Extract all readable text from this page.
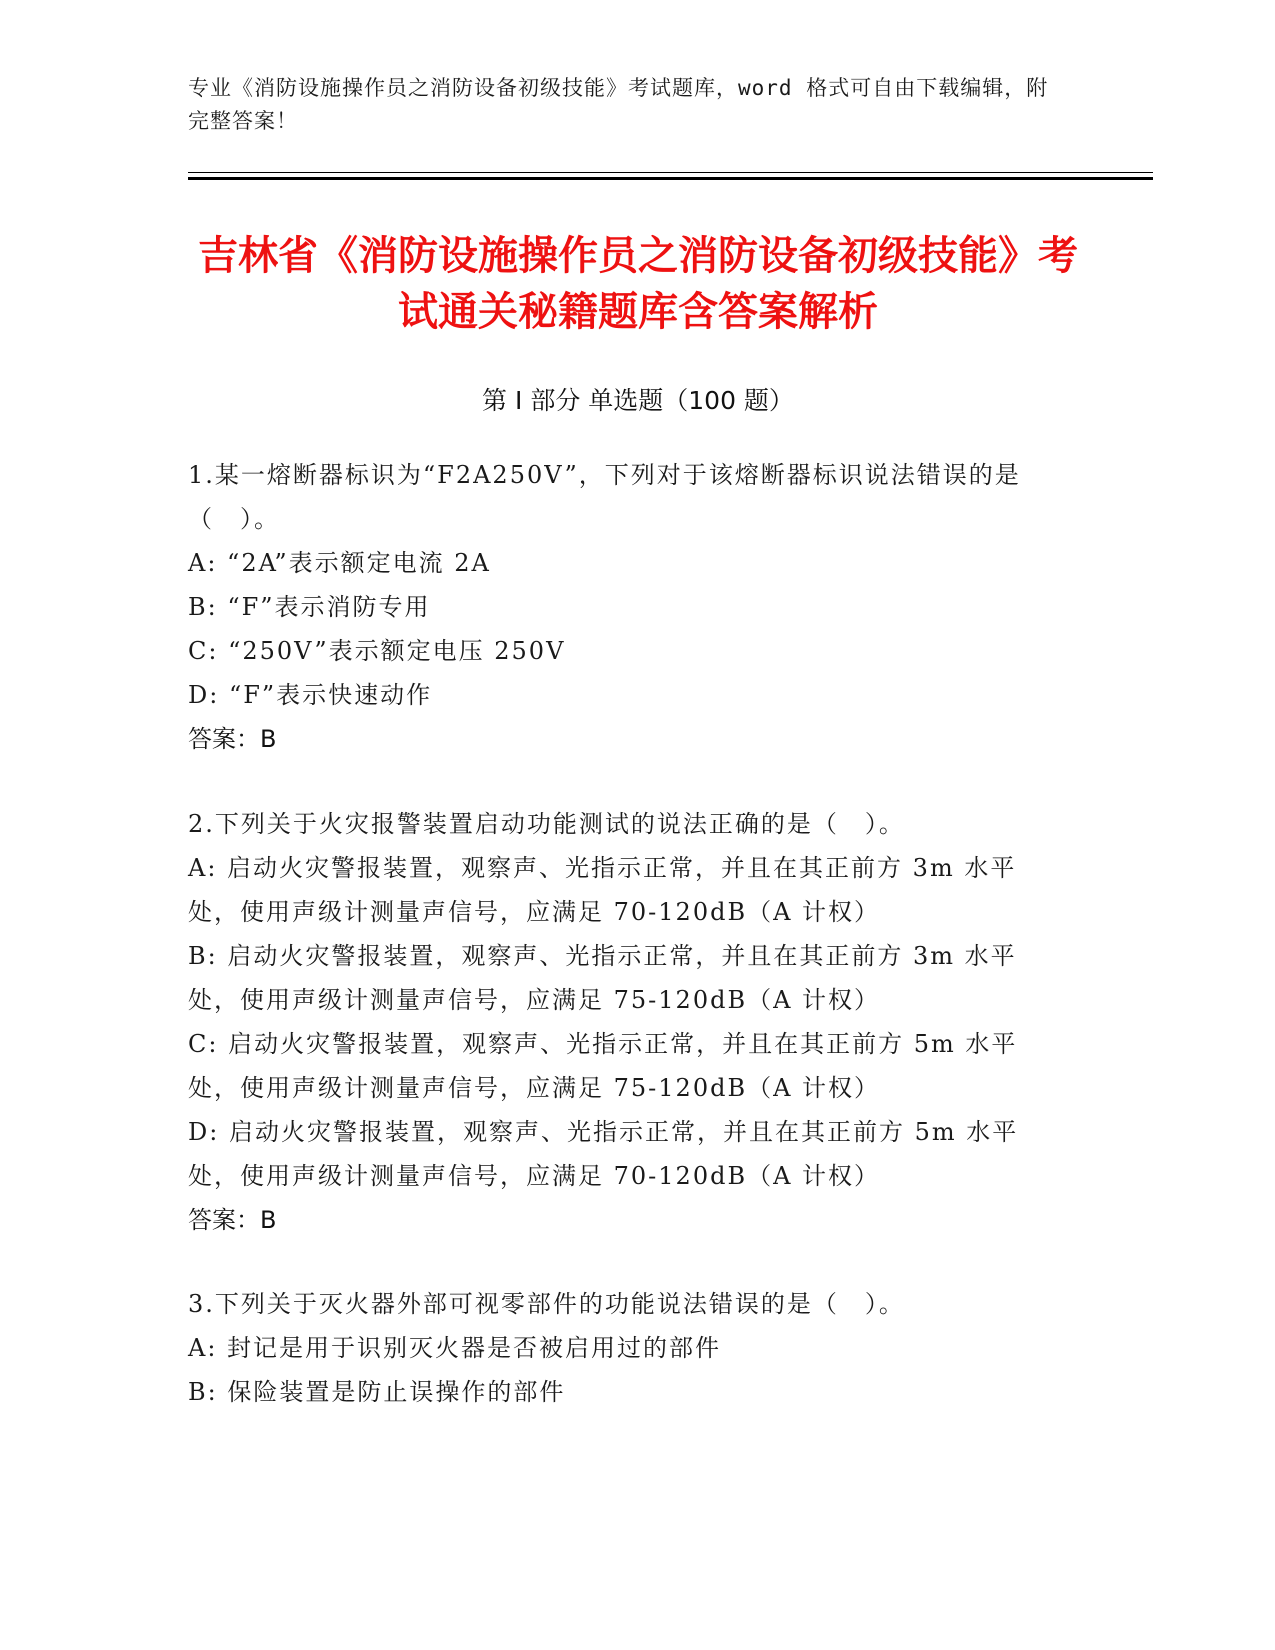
专业《消防设施操作员之消防设备初级技能》考试题库，word 格式可自由下载编辑，附完整答案！
吉林省《消防设施操作员之消防设备初级技能》考试通关秘籍题库含答案解析
第 I 部分 单选题（100 题）

1.某一熔断器标识为“F2A250V”，下列对于该熔断器标识说法错误的是（　）。

A: “2A”表示额定电流 2A

B: “F”表示消防专用

C: “250V”表示额定电压 250V

D: “F”表示快速动作

答案：B

2.下列关于火灾报警装置启动功能测试的说法正确的是（　）。

A: 启动火灾警报装置，观察声、光指示正常，并且在其正前方 3m 水平处，使用声级计测量声信号，应满足 70-120dB（A 计权）

B: 启动火灾警报装置，观察声、光指示正常，并且在其正前方 3m 水平处，使用声级计测量声信号，应满足 75-120dB（A 计权）

C: 启动火灾警报装置，观察声、光指示正常，并且在其正前方 5m 水平处，使用声级计测量声信号，应满足 75-120dB（A 计权）

D: 启动火灾警报装置，观察声、光指示正常，并且在其正前方 5m 水平处，使用声级计测量声信号，应满足 70-120dB（A 计权）

答案：B

3.下列关于灭火器外部可视零部件的功能说法错误的是（　）。

A: 封记是用于识别灭火器是否被启用过的部件

B: 保险装置是防止误操作的部件
